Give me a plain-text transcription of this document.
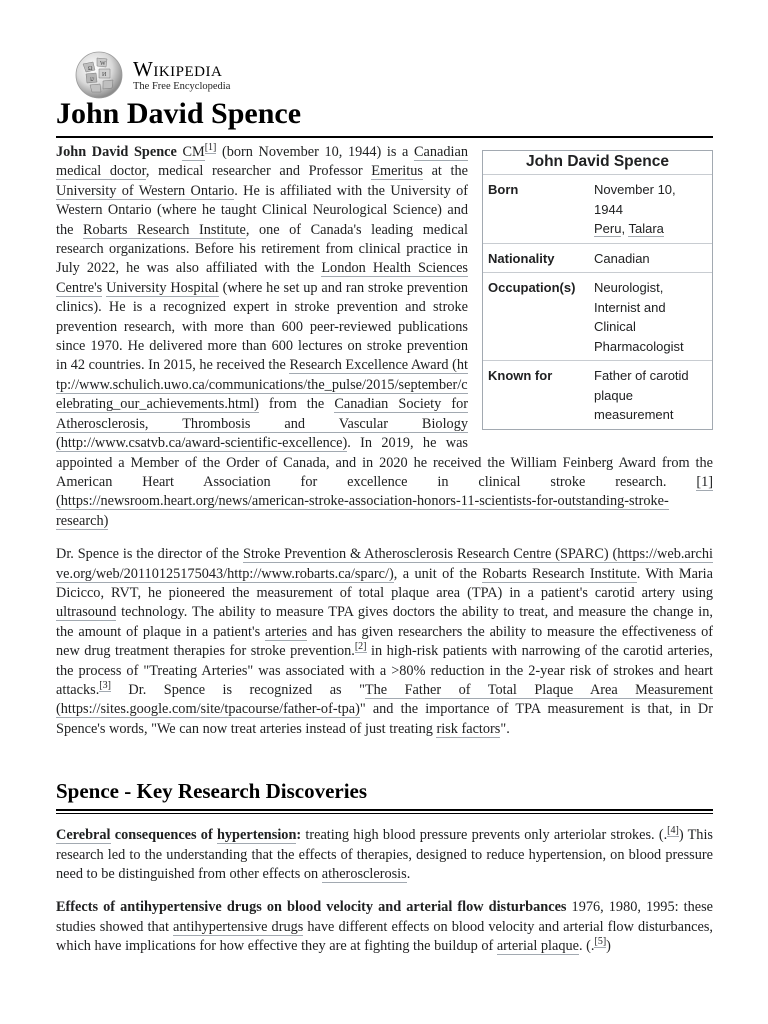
Ω
W
И
ש Wikipedia
The Free Encyclopedia
John David Spence
John David Spence
Born	November 10,
1944
Peru, Talara
Nationality	Canadian
Occupation(s)	Neurologist,
Internist and
Clinical
Pharmacologist
Known for	Father of carotid
plaque
measurement

John David Spence CM[1] (born November 10, 1944) is a Canadian medical doctor, medical researcher and Professor Emeritus at the University of Western Ontario. He is affiliated with the University of Western Ontario (where he taught Clinical Neurological Science) and the Robarts Research Institute, one of Canada's leading medical research organizations. Before his retirement from clinical practice in July 2022, he was also affiliated with the London Health Sciences Centre's University Hospital (where he set up and ran stroke prevention clinics). He is a recognized expert in stroke prevention and stroke prevention research, with more than 600 peer-reviewed publications since 1970. He delivered more than 600 lectures on stroke prevention in 42 countries. In 2015, he received the Research Excellence Award (http://www.schulich.uwo.ca/communications/the_pulse/2015/september/celebrating_our_achievements.html) from the Canadian Society for Atherosclerosis, Thrombosis and Vascular Biology (http://www.csatvb.ca/award-scientific-excellence). In 2019, he was appointed a Member of the Order of Canada, and in 2020 he received the William Feinberg Award from the American Heart Association for excellence in clinical stroke research. [1] (https://newsroom.heart.org/news/american-stroke-association-honors-11-scientists-for-outstanding-stroke-research)

Dr. Spence is the director of the Stroke Prevention & Atherosclerosis Research Centre (SPARC) (https://web.archive.org/web/20110125175043/http://www.robarts.ca/sparc/), a unit of the Robarts Research Institute. With Maria Dicicco, RVT, he pioneered the measurement of total plaque area (TPA) in a patient's carotid artery using ultrasound technology. The ability to measure TPA gives doctors the ability to treat, and measure the change in, the amount of plaque in a patient's arteries and has given researchers the ability to measure the effectiveness of new drug treatment therapies for stroke prevention.[2] in high-risk patients with narrowing of the carotid arteries, the process of "Treating Arteries" was associated with a >80% reduction in the 2-year risk of strokes and heart attacks.[3] Dr. Spence is recognized as "The Father of Total Plaque Area Measurement (https://sites.google.com/site/tpacourse/father-of-tpa)" and the importance of TPA measurement is that, in Dr Spence's words, "We can now treat arteries instead of just treating risk factors".

Spence - Key Research Discoveries

Cerebral consequences of hypertension: treating high blood pressure prevents only arteriolar strokes. (.[4]) This research led to the understanding that the effects of therapies, designed to reduce hypertension, on blood pressure need to be distinguished from other effects on atherosclerosis.

Effects of antihypertensive drugs on blood velocity and arterial flow disturbances 1976, 1980, 1995: these studies showed that antihypertensive drugs have different effects on blood velocity and arterial flow disturbances, which have implications for how effective they are at fighting the buildup of arterial plaque. (.[5])
